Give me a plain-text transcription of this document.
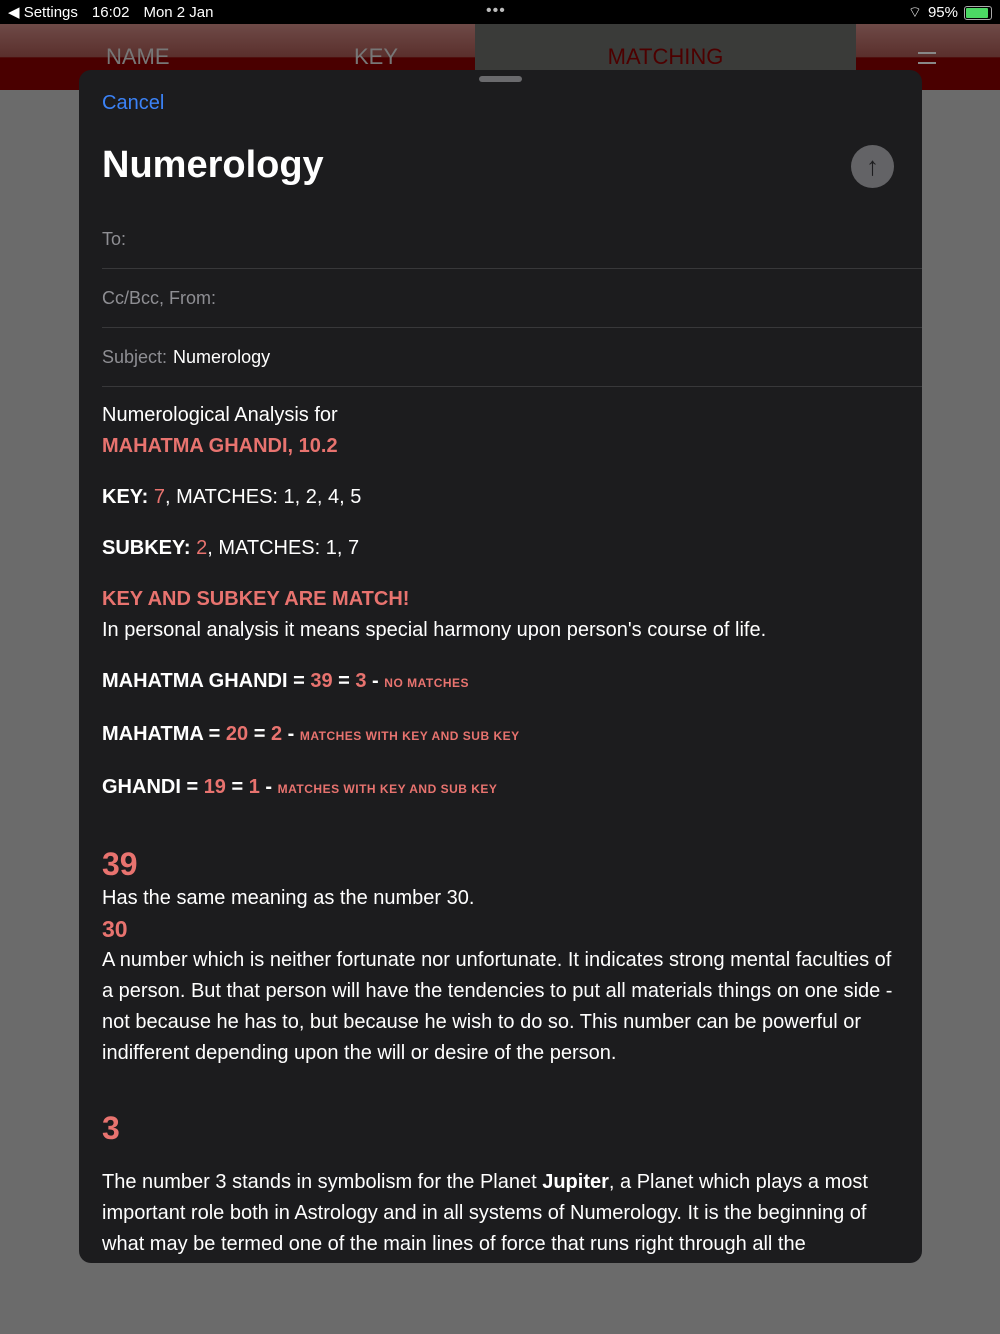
◀ Settings 16:02 Mon 2 Jan	•••	⌔ 95%
NAME	KEY	MATCHING
Cancel
Numerology	↑
To:
Cc/Bcc, From:
Subject: Numerology

Numerological Analysis for

MAHATMA GHANDI, 10.2

KEY: 7, MATCHES: 1, 2, 4, 5

SUBKEY: 2, MATCHES: 1, 7

KEY AND SUBKEY ARE MATCH!

In personal analysis it means special harmony upon person's course of life.

MAHATMA GHANDI = 39 = 3 - NO MATCHES

MAHATMA = 20 = 2 - MATCHES WITH KEY AND SUB KEY

GHANDI = 19 = 1 - MATCHES WITH KEY AND SUB KEY

39

Has the same meaning as the number 30.

30

A number which is neither fortunate nor unfortunate. It indicates strong mental faculties of a person. But that person will have the tendencies to put all materials things on one side -not because he has to, but because he wish to do so. This number can be powerful or indifferent depending upon the will or desire of the person.

3

The number 3 stands in symbolism for the Planet Jupiter, a Planet which plays a most important role both in Astrology and in all systems of Numerology. It is the beginning of what may be termed one of the main lines of force that runs right through all the
